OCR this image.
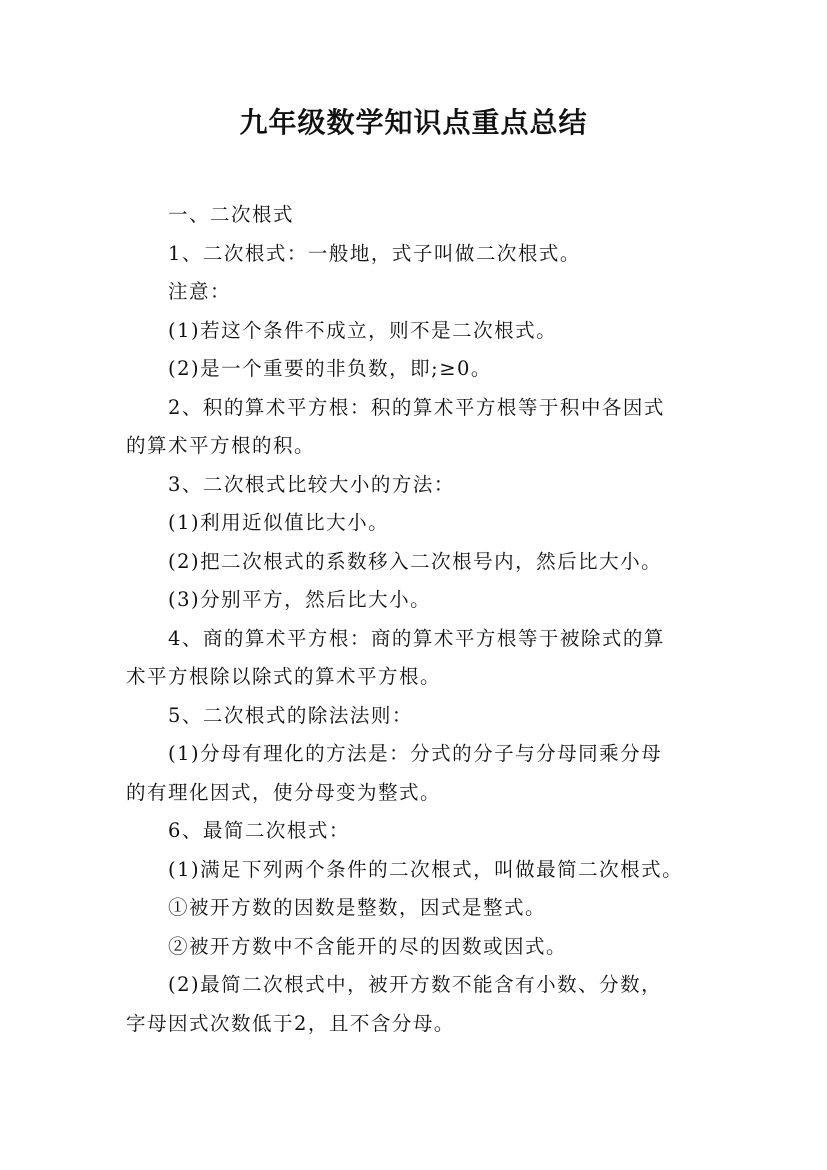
九年级数学知识点重点总结

一、二次根式

1、二次根式：一般地，式子叫做二次根式。

注意：

(1)若这个条件不成立，则不是二次根式。

(2)是一个重要的非负数，即;≥0。

2、积的算术平方根：积的算术平方根等于积中各因式

的算术平方根的积。

3、二次根式比较大小的方法：

(1)利用近似值比大小。

(2)把二次根式的系数移入二次根号内，然后比大小。

(3)分别平方，然后比大小。

4、商的算术平方根：商的算术平方根等于被除式的算

术平方根除以除式的算术平方根。

5、二次根式的除法法则：

(1)分母有理化的方法是：分式的分子与分母同乘分母

的有理化因式，使分母变为整式。

6、最简二次根式：

(1)满足下列两个条件的二次根式，叫做最简二次根式。

①被开方数的因数是整数，因式是整式。

②被开方数中不含能开的尽的因数或因式。

(2)最简二次根式中，被开方数不能含有小数、分数，

字母因式次数低于2，且不含分母。
